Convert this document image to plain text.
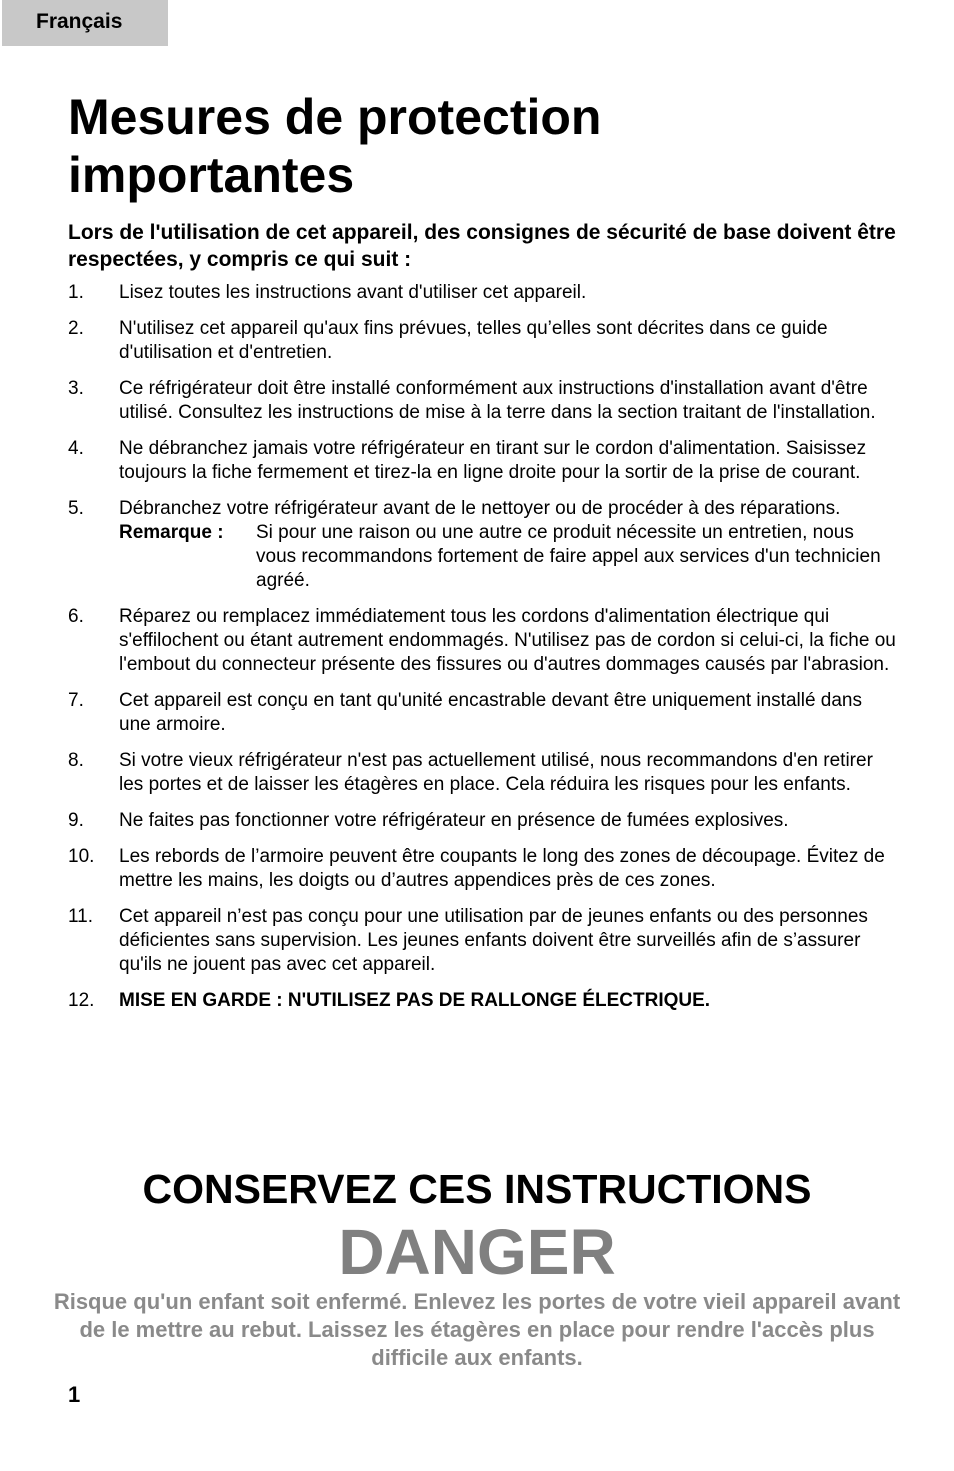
Français
Mesures de protection importantes

Lors de l'utilisation de cet appareil, des consignes de sécurité de base doivent être respectées, y compris ce qui suit :

1.	Lisez toutes les instructions avant d'utiliser cet appareil.
2.	N'utilisez cet appareil qu'aux fins prévues, telles qu’elles sont décrites dans ce guide d'utilisation et d'entretien.
3.	Ce réfrigérateur doit être installé conformément aux instructions d'installation avant d'être utilisé. Consultez les instructions de mise à la terre dans la section traitant de l'installation.
4.	Ne débranchez jamais votre réfrigérateur en tirant sur le cordon d'alimentation. Saisissez toujours la fiche fermement et tirez-la en ligne droite pour la sortir de la prise de courant.
5.	Débranchez votre réfrigérateur avant de le nettoyer ou de procéder à des réparations.
Remarque :	Si pour une raison ou une autre ce produit nécessite un entretien, nous vous recommandons fortement de faire appel aux services d'un technicien agréé.
6.	Réparez ou remplacez immédiatement tous les cordons d'alimentation électrique qui s'effilochent ou étant autrement endommagés. N'utilisez pas de cordon si celui-ci, la fiche ou l'embout du connecteur présente des fissures ou d'autres dommages causés par l'abrasion.
7.	Cet appareil est conçu en tant qu'unité encastrable devant être uniquement installé dans une armoire.
8.	Si votre vieux réfrigérateur n'est pas actuellement utilisé, nous recommandons d'en retirer les portes et de laisser les étagères en place. Cela réduira les risques pour les enfants.
9.	Ne faites pas fonctionner votre réfrigérateur en présence de fumées explosives.
10.	Les rebords de l’armoire peuvent être coupants le long des zones de découpage. Évitez de mettre les mains, les doigts ou d’autres appendices près de ces zones.
11.	Cet appareil n’est pas conçu pour une utilisation par de jeunes enfants ou des personnes déficientes sans supervision. Les jeunes enfants doivent être surveillés afin de s’assurer qu'ils ne jouent pas avec cet appareil.
12.	MISE EN GARDE : N'UTILISEZ PAS DE RALLONGE ÉLECTRIQUE.
CONSERVEZ CES INSTRUCTIONS
DANGER
Risque qu'un enfant soit enfermé. Enlevez les portes de votre vieil appareil avant de le mettre au rebut. Laissez les étagères en place pour rendre l'accès plus difficile aux enfants.
1
